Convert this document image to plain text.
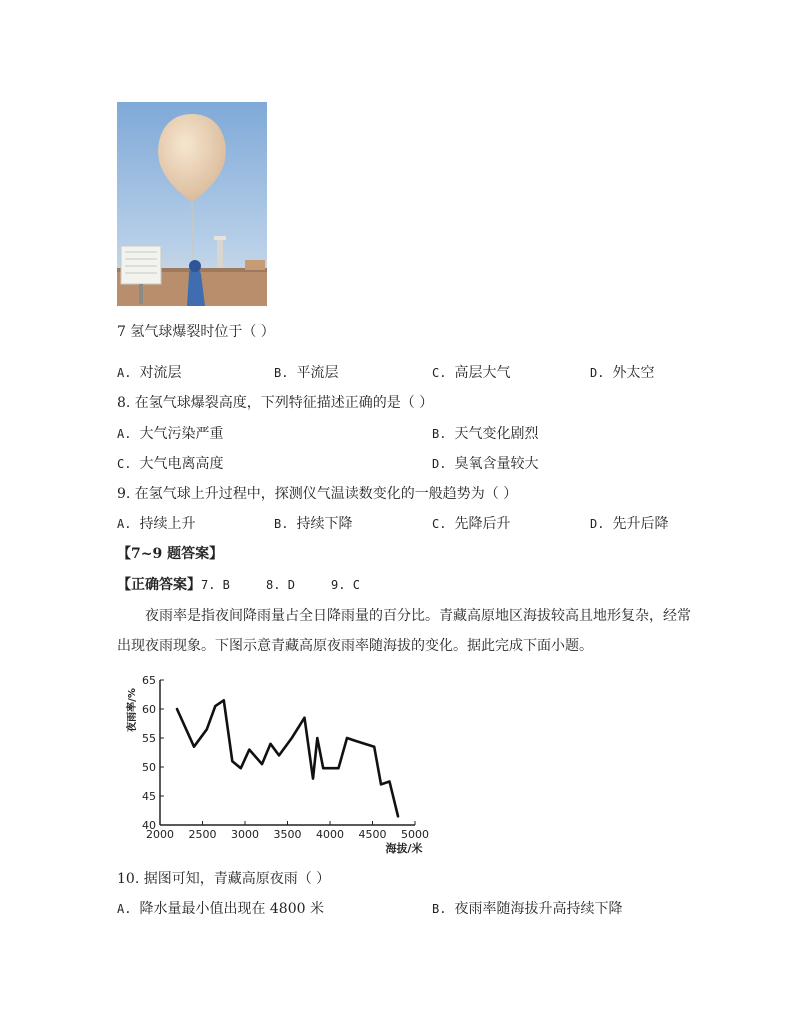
7 氢气球爆裂时位于（ ）
A. 对流层	B. 平流层	C. 高层大气	D. 外太空
8. 在氢气球爆裂高度，下列特征描述正确的是（ ）
A. 大气污染严重	B. 天气变化剧烈
C. 大气电离高度	D. 臭氧含量较大
9. 在氢气球上升过程中，探测仪气温读数变化的一般趋势为（ ）
A. 持续上升	B. 持续下降	C. 先降后升	D. 先升后降
【7~9 题答案】
【正确答案】7. B     8. D     9. C
夜雨率是指夜间降雨量占全日降雨量的百分比。青藏高原地区海拔较高且地形复杂，经常
出现夜雨现象。下图示意青藏高原夜雨率随海拔的变化。据此完成下面小题。
夜雨率/%
海拔/米
40
45
50
55
60
65
2000 2500 3000 3500 4000 4500 5000
10. 据图可知，青藏高原夜雨（ ）
A. 降水量最小值出现在 4800 米	B. 夜雨率随海拔升高持续下降
